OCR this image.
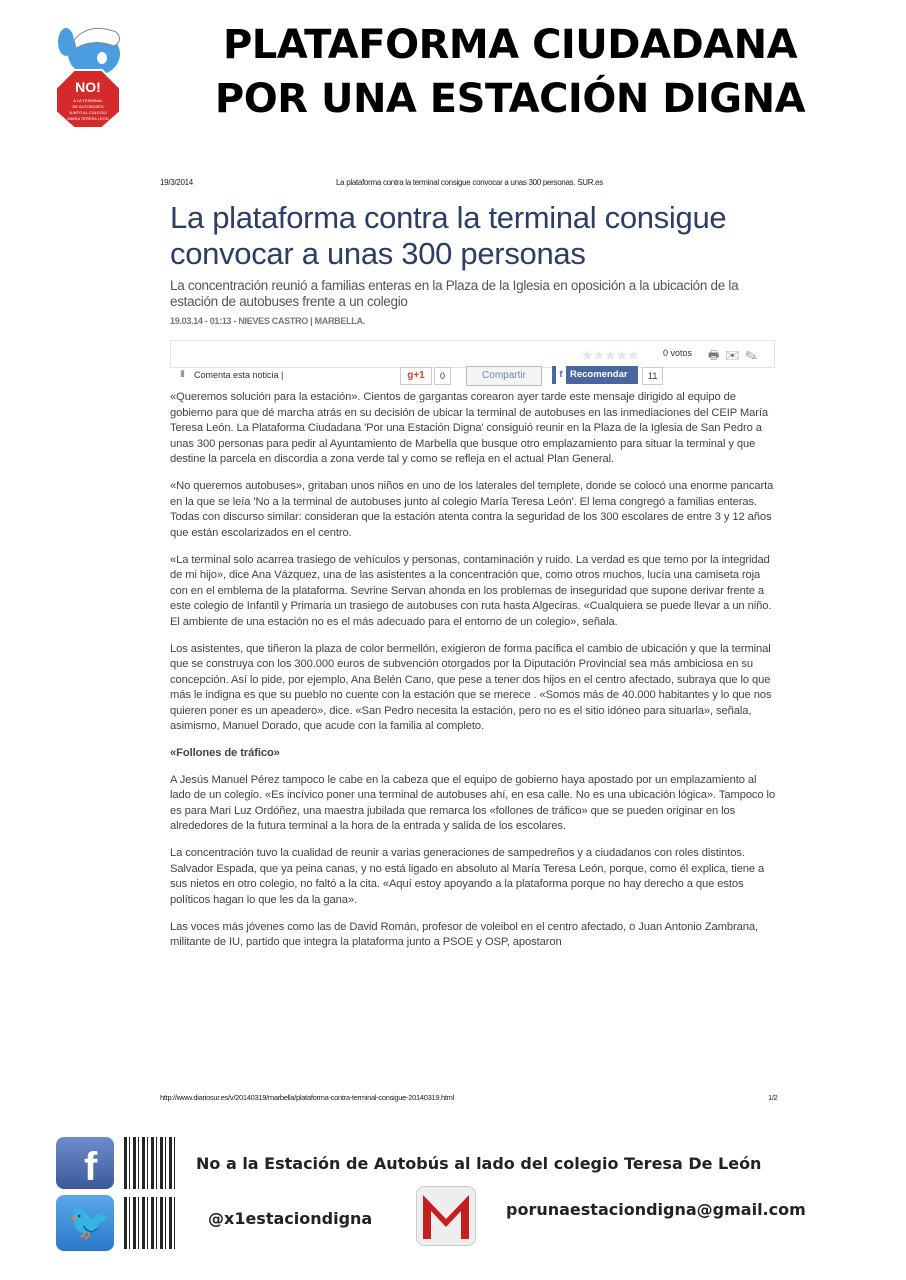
NO!
A LA TERMINAL
DE AUTOBUSES
JUNTO AL COLEGIO
MARIA TERESA LEON
PLATAFORMA CIUDADANA
POR UNA ESTACIÓN DIGNA
19/3/2014	La plataforma contra la terminal consigue convocar a unas 300 personas. SUR.es
La plataforma contra la terminal consigue convocar a unas 300 personas
La concentración reunió a familias enteras en la Plaza de la Iglesia en oposición a la ubicación de la estación de autobuses frente a un colegio
19.03.14 - 01:13 - NIEVES CASTRO | MARBELLA.
★★★★★	0 votos 🖶✉✎
▮ Comenta esta noticia |	g+1	0	Compartir	f Recomendar	11

«Queremos solución para la estación». Cientos de gargantas corearon ayer tarde este mensaje dirigido al equipo de gobierno para que dé marcha atrás en su decisión de ubicar la terminal de autobuses en las inmediaciones del CEIP María Teresa León. La Plataforma Ciudadana 'Por una Estación Digna' consiguió reunir en la Plaza de la Iglesia de San Pedro a unas 300 personas para pedir al Ayuntamiento de Marbella que busque otro emplazamiento para situar la terminal y que destine la parcela en discordia a zona verde tal y como se refleja en el actual Plan General.

«No queremos autobuses», gritaban unos niños en uno de los laterales del templete, donde se colocó una enorme pancarta en la que se leía 'No a la terminal de autobuses junto al colegio María Teresa León'. El lema congregó a familias enteras. Todas con discurso similar: consideran que la estación atenta contra la seguridad de los 300 escolares de entre 3 y 12 años que están escolarizados en el centro.

«La terminal solo acarrea trasiego de vehículos y personas, contaminación y ruido. La verdad es que temo por la integridad de mi hijo», dice Ana Vázquez, una de las asistentes a la concentración que, como otros muchos, lucía una camiseta roja con en el emblema de la plataforma. Sevrine Servan ahonda en los problemas de inseguridad que supone derivar frente a este colegio de Infantil y Primaria un trasiego de autobuses con ruta hasta Algeciras. «Cualquiera se puede llevar a un niño. El ambiente de una estación no es el más adecuado para el entorno de un colegio», señala.

Los asistentes, que tiñeron la plaza de color bermellón, exigieron de forma pacífica el cambio de ubicación y que la terminal que se construya con los 300.000 euros de subvención otorgados por la Diputación Provincial sea más ambiciosa en su concepción. Así lo pide, por ejemplo, Ana Belén Cano, que pese a tener dos hijos en el centro afectado, subraya que lo que más le indigna es que su pueblo no cuente con la estación que se merece . «Somos más de 40.000 habitantes y lo que nos quieren poner es un apeadero», dice. «San Pedro necesita la estación, pero no es el sitio idóneo para situarla», señala, asimismo, Manuel Dorado, que acude con la familia al completo.

«Follones de tráfico»

A Jesús Manuel Pérez tampoco le cabe en la cabeza que el equipo de gobierno haya apostado por un emplazamiento al lado de un colegio. «Es incívico poner una terminal de autobuses ahí, en esa calle. No es una ubicación lógica». Tampoco lo es para Mari Luz Ordóñez, una maestra jubilada que remarca los «follones de tráfico» que se pueden originar en los alrededores de la futura terminal a la hora de la entrada y salida de los escolares.

La concentración tuvo la cualidad de reunir a varias generaciones de sampedreños y a ciudadanos con roles distintos. Salvador Espada, que ya peina canas, y no está ligado en absoluto al María Teresa León, porque, como él explica, tiene a sus nietos en otro colegio, no faltó a la cita. «Aquí estoy apoyando a la plataforma porque no hay derecho a que estos políticos hagan lo que les da la gana».

Las voces más jóvenes como las de David Román, profesor de voleibol en el centro afectado, o Juan Antonio Zambrana, militante de IU, partido que integra la plataforma junto a PSOE y OSP, apostaron

http://www.diariosur.es/v/20140319/marbella/plataforma-contra-terminal-consigue-20140319.html	1/2
f	No a la Estación de Autobús al lado del colegio Teresa De León
🐦	@x1estaciondigna	porunaestaciondigna@gmail.com
